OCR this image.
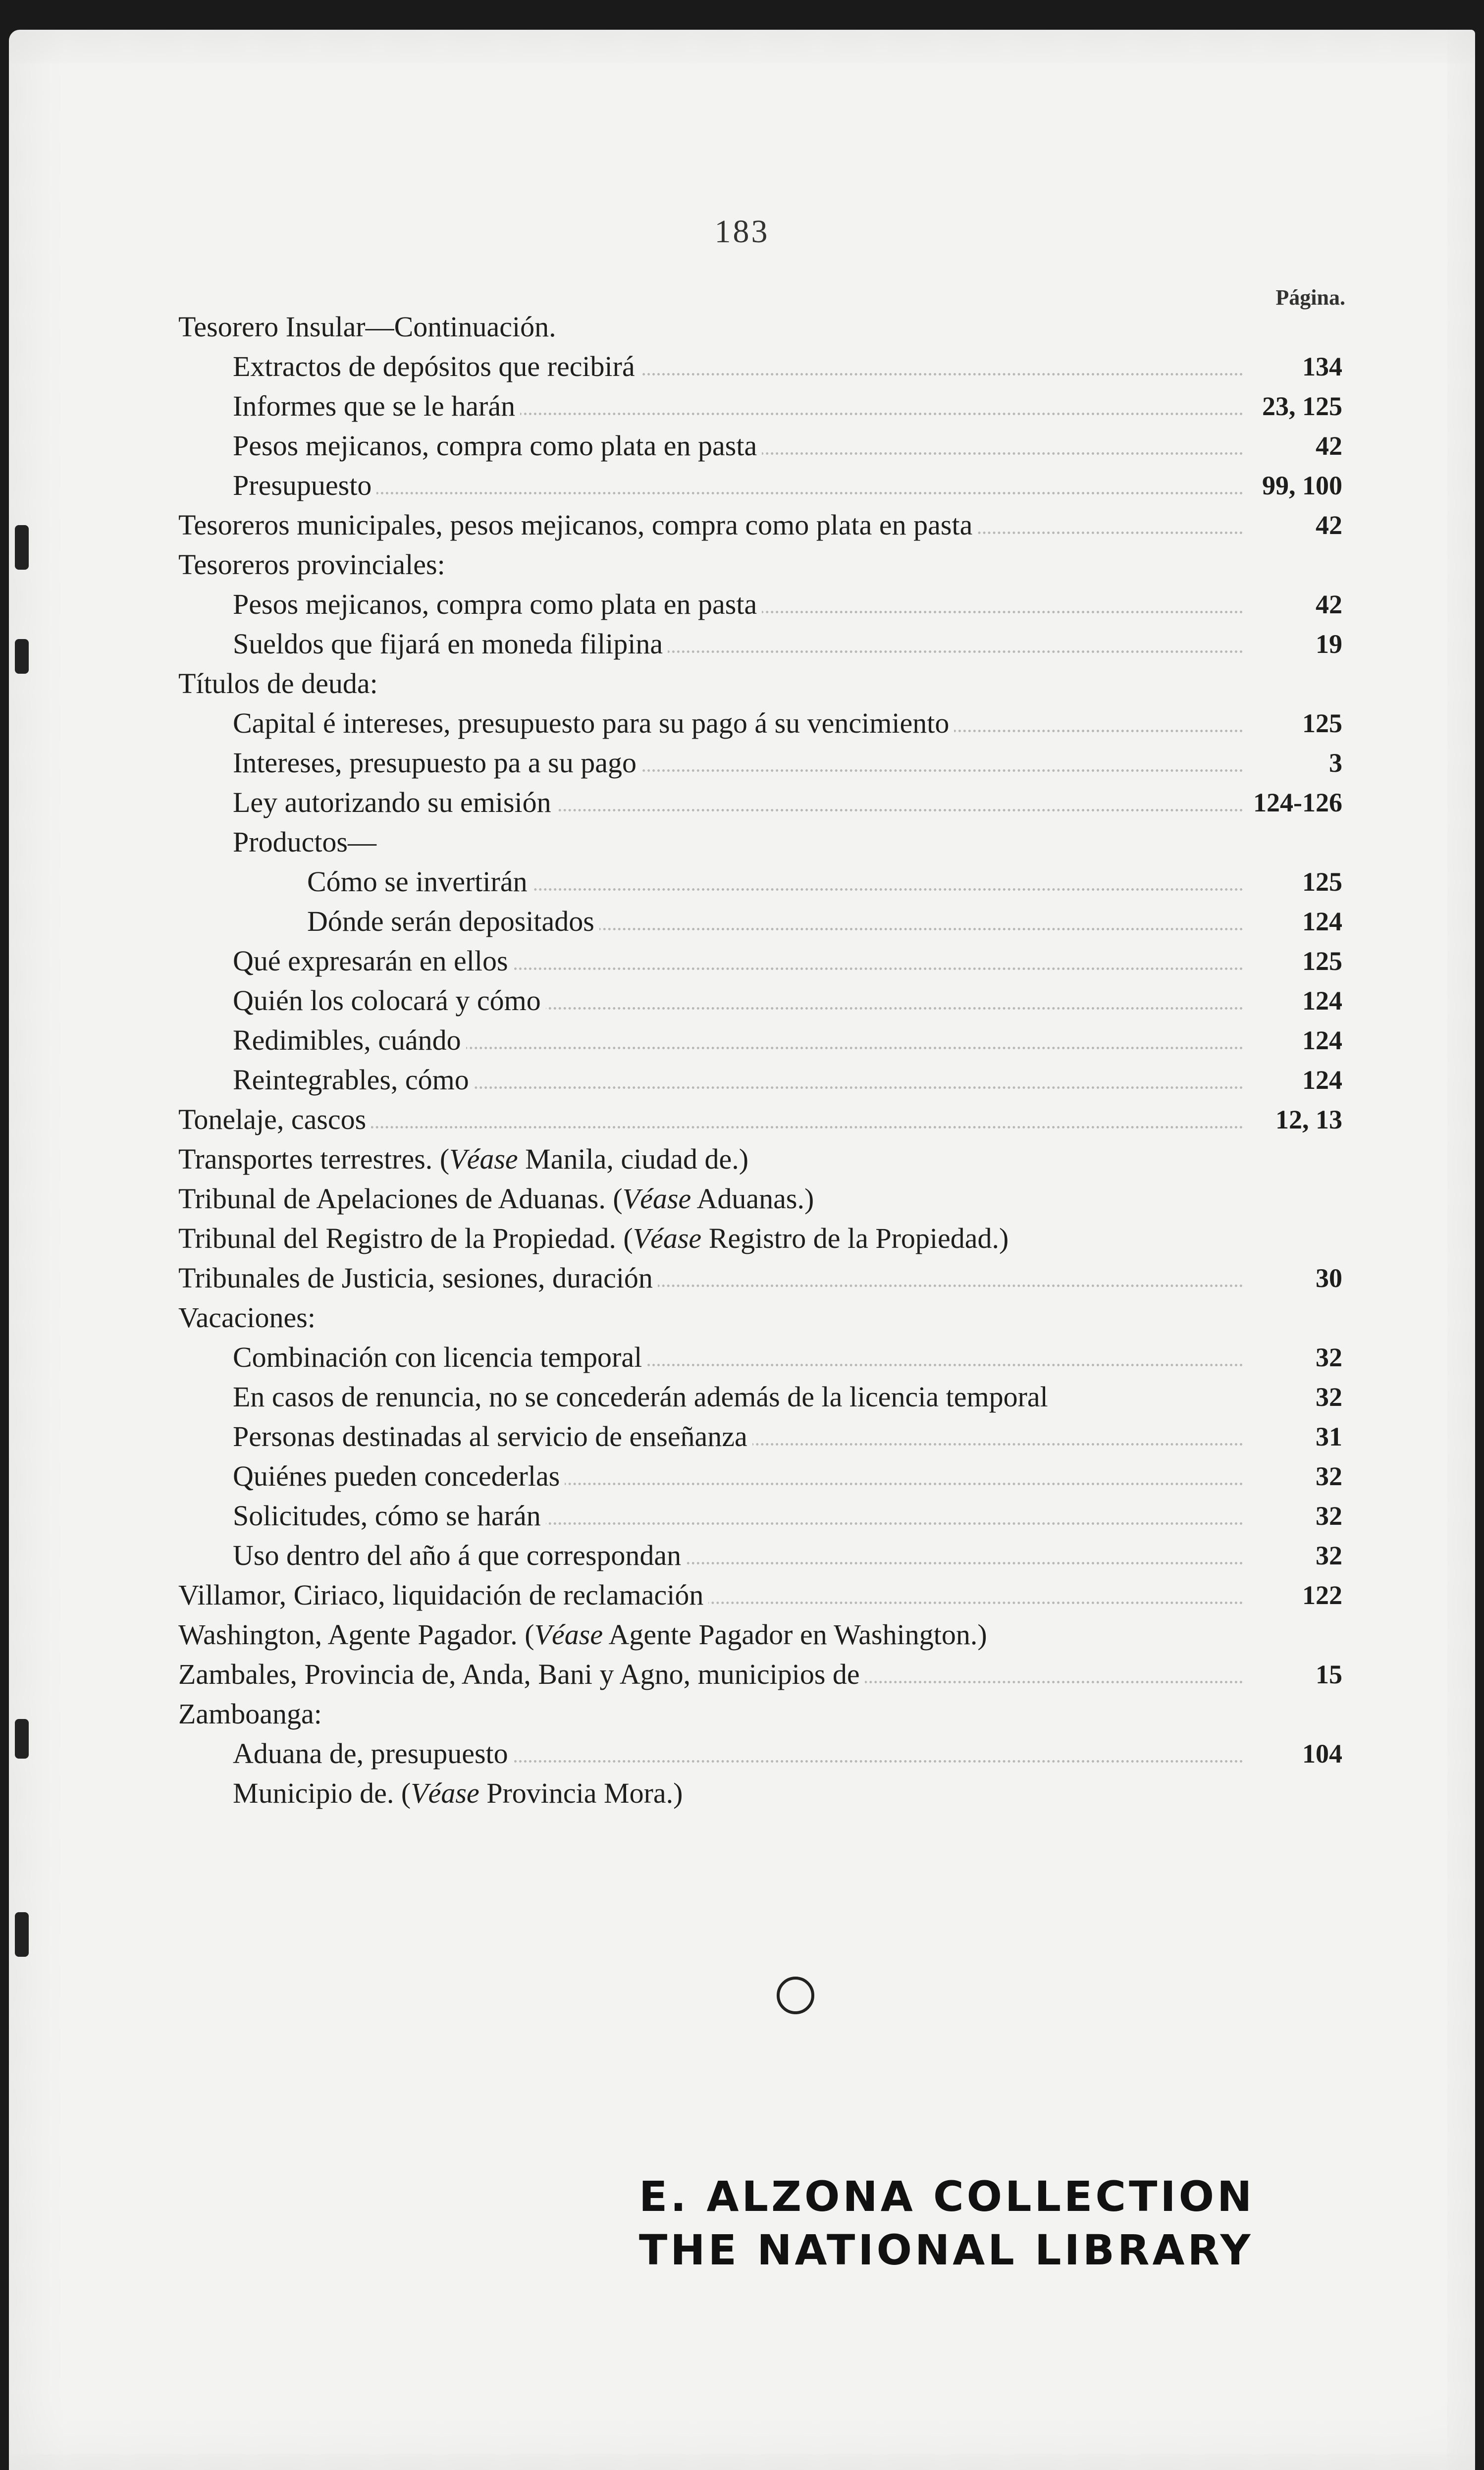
183
Página.
Tesorero Insular—Continuación.
Extractos de depósitos que recibirá	134
Informes que se le harán	23, 125
Pesos mejicanos, compra como plata en pasta	42
Presupuesto	99, 100
Tesoreros municipales, pesos mejicanos, compra como plata en pasta	42
Tesoreros provinciales:
Pesos mejicanos, compra como plata en pasta	42
Sueldos que fijará en moneda filipina	19
Títulos de deuda:
Capital é intereses, presupuesto para su pago á su vencimiento	125
Intereses, presupuesto pa a su pago	3
Ley autorizando su emisión	124-126
Productos—
Cómo se invertirán	125
Dónde serán depositados	124
Qué expresarán en ellos	125
Quién los colocará y cómo	124
Redimibles, cuándo	124
Reintegrables, cómo	124
Tonelaje, cascos	12, 13
Transportes terrestres. (Véase Manila, ciudad de.)
Tribunal de Apelaciones de Aduanas. (Véase Aduanas.)
Tribunal del Registro de la Propiedad. (Véase Registro de la Propiedad.)
Tribunales de Justicia, sesiones, duración	30
Vacaciones:
Combinación con licencia temporal	32
En casos de renuncia, no se concederán además de la licencia temporal	32
Personas destinadas al servicio de enseñanza	31
Quiénes pueden concederlas	32
Solicitudes, cómo se harán	32
Uso dentro del año á que correspondan	32
Villamor, Ciriaco, liquidación de reclamación	122
Washington, Agente Pagador. (Véase Agente Pagador en Washington.)
Zambales, Provincia de, Anda, Bani y Agno, municipios de	15
Zamboanga:
Aduana de, presupuesto	104
Municipio de. (Véase Provincia Mora.)
E. ALZONA COLLECTION
THE NATIONAL LIBRARY
